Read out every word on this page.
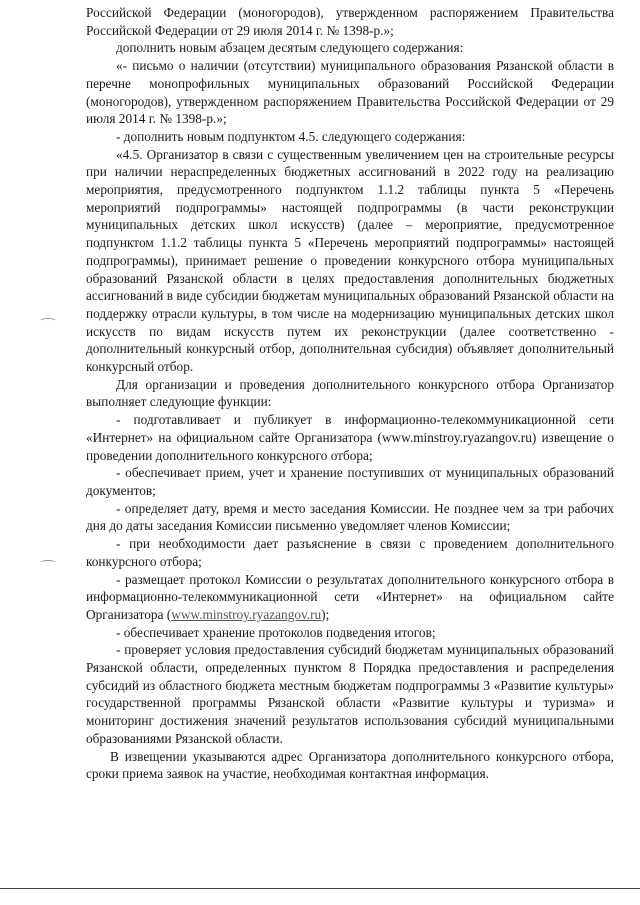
Российской Федерации (моногородов), утвержденном распоряжением Правительства Российской Федерации от 29 июля 2014 г. № 1398-р.»;

дополнить новым абзацем десятым следующего содержания:

«- письмо о наличии (отсутствии) муниципального образования Рязанской области в перечне монопрофильных муниципальных образований Российской Федерации (моногородов), утвержденном распоряжением Правительства Российской Федерации от 29 июля 2014 г. № 1398-р.»;

- дополнить новым подпунктом 4.5. следующего содержания:

«4.5. Организатор в связи с существенным увеличением цен на строительные ресурсы при наличии нераспределенных бюджетных ассигнований в 2022 году на реализацию мероприятия, предусмотренного подпунктом 1.1.2 таблицы пункта 5 «Перечень мероприятий подпрограммы» настоящей подпрограммы (в части реконструкции муниципальных детских школ искусств) (далее – мероприятие, предусмотренное подпунктом 1.1.2 таблицы пункта 5 «Перечень мероприятий подпрограммы» настоящей подпрограммы), принимает решение о проведении конкурсного отбора муниципальных образований Рязанской области в целях предоставления дополнительных бюджетных ассигнований в виде субсидии бюджетам муниципальных образований Рязанской области на поддержку отрасли культуры, в том числе на модернизацию муниципальных детских школ искусств по видам искусств путем их реконструкции (далее соответственно - дополнительный конкурсный отбор, дополнительная субсидия) объявляет дополнительный конкурсный отбор.

Для организации и проведения дополнительного конкурсного отбора Организатор выполняет следующие функции:

- подготавливает и публикует в информационно-телекоммуникационной сети «Интернет» на официальном сайте Организатора (www.minstroy.ryazangov.ru) извещение о проведении дополнительного конкурсного отбора;

- обеспечивает прием, учет и хранение поступивших от муниципальных образований документов;

- определяет дату, время и место заседания Комиссии. Не позднее чем за три рабочих дня до даты заседания Комиссии письменно уведомляет членов Комиссии;

- при необходимости дает разъяснение в связи с проведением дополнительного конкурсного отбора;

- размещает протокол Комиссии о результатах дополнительного конкурсного отбора в информационно-телекоммуникационной сети «Интернет» на официальном сайте Организатора (www.minstroy.ryazangov.ru);

- обеспечивает хранение протоколов подведения итогов;

- проверяет условия предоставления субсидий бюджетам муниципальных образований Рязанской области, определенных пунктом 8 Порядка предоставления и распределения субсидий из областного бюджета местным бюджетам подпрограммы 3 «Развитие культуры» государственной программы Рязанской области «Развитие культуры и туризма» и мониторинг достижения значений результатов использования субсидий муниципальными образованиями Рязанской области.

В извещении указываются адрес Организатора дополнительного конкурсного отбора, сроки приема заявок на участие, необходимая контактная информация.
